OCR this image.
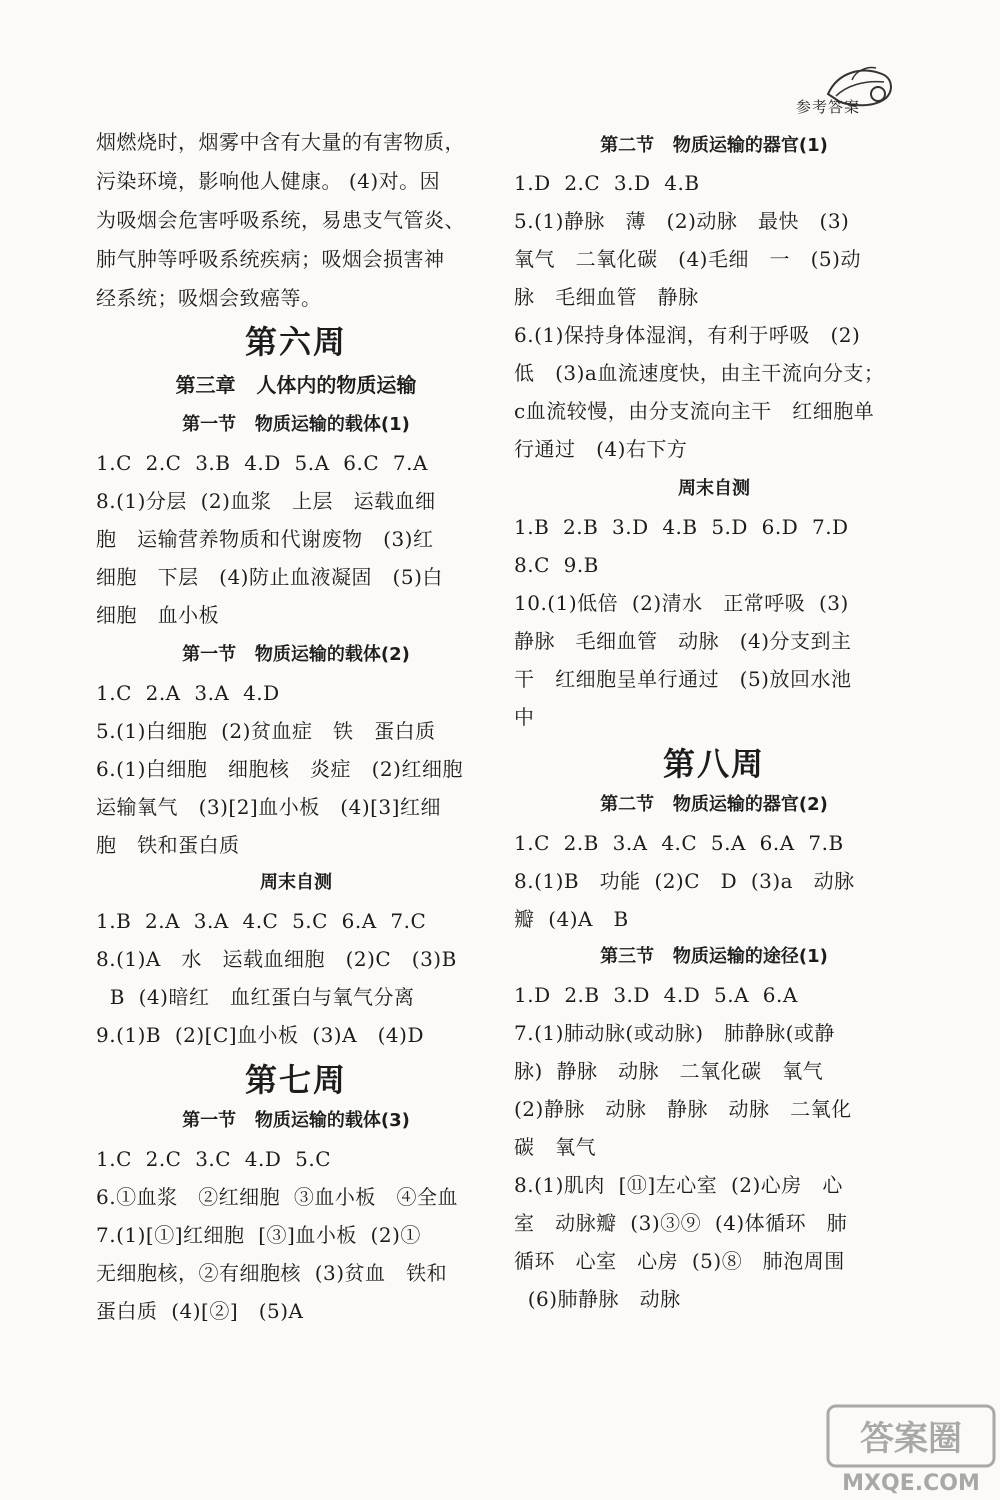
参考答案
烟燃烧时，烟雾中含有大量的有害物质，
污染环境，影响他人健康。 (4)对。因
为吸烟会危害呼吸系统，易患支气管炎、
肺气肿等呼吸系统疾病；吸烟会损害神
经系统；吸烟会致癌等。
第六周
第三章   人体内的物质运输
第一节   物质运输的载体(1)
1.C  2.C  3.B  4.D  5.A  6.C  7.A
8.(1)分层  (2)血浆   上层   运载血细
胞   运输营养物质和代谢废物   (3)红
细胞   下层   (4)防止血液凝固   (5)白
细胞   血小板
第一节   物质运输的载体(2)
1.C  2.A  3.A  4.D
5.(1)白细胞  (2)贫血症   铁   蛋白质
6.(1)白细胞   细胞核   炎症   (2)红细胞
运输氧气   (3)[2]血小板   (4)[3]红细
胞   铁和蛋白质
周末自测
1.B  2.A  3.A  4.C  5.C  6.A  7.C
8.(1)A   水   运载血细胞   (2)C   (3)B
B  (4)暗红   血红蛋白与氧气分离
9.(1)B  (2)[C]血小板  (3)A   (4)D
第七周
第一节   物质运输的载体(3)
1.C  2.C  3.C  4.D  5.C
6.①血浆   ②红细胞  ③血小板   ④全血
7.(1)[①]红细胞  [③]血小板  (2)①
无细胞核，②有细胞核  (3)贫血   铁和
蛋白质  (4)[②]   (5)A
第二节   物质运输的器官(1)
1.D  2.C  3.D  4.B
5.(1)静脉   薄   (2)动脉   最快   (3)
氧气   二氧化碳   (4)毛细   一   (5)动
脉   毛细血管   静脉
6.(1)保持身体湿润，有利于呼吸   (2)
低   (3)a血流速度快，由主干流向分支；
c血流较慢，由分支流向主干   红细胞单
行通过   (4)右下方
周末自测
1.B  2.B  3.D  4.B  5.D  6.D  7.D
8.C  9.B
10.(1)低倍  (2)清水   正常呼吸  (3)
静脉   毛细血管   动脉   (4)分支到主
干   红细胞呈单行通过   (5)放回水池
中
第八周
第二节   物质运输的器官(2)
1.C  2.B  3.A  4.C  5.A  6.A  7.B
8.(1)B   功能  (2)C   D  (3)a   动脉
瓣  (4)A   B
第三节   物质运输的途径(1)
1.D  2.B  3.D  4.D  5.A  6.A
7.(1)肺动脉(或动脉)   肺静脉(或静
脉)  静脉   动脉   二氧化碳   氧气
(2)静脉   动脉   静脉   动脉   二氧化
碳   氧气
8.(1)肌肉  [⑪]左心室  (2)心房   心
室   动脉瓣  (3)③⑨  (4)体循环   肺
循环   心室   心房  (5)⑧   肺泡周围
(6)肺静脉   动脉
答案圈
MXQE.COM
